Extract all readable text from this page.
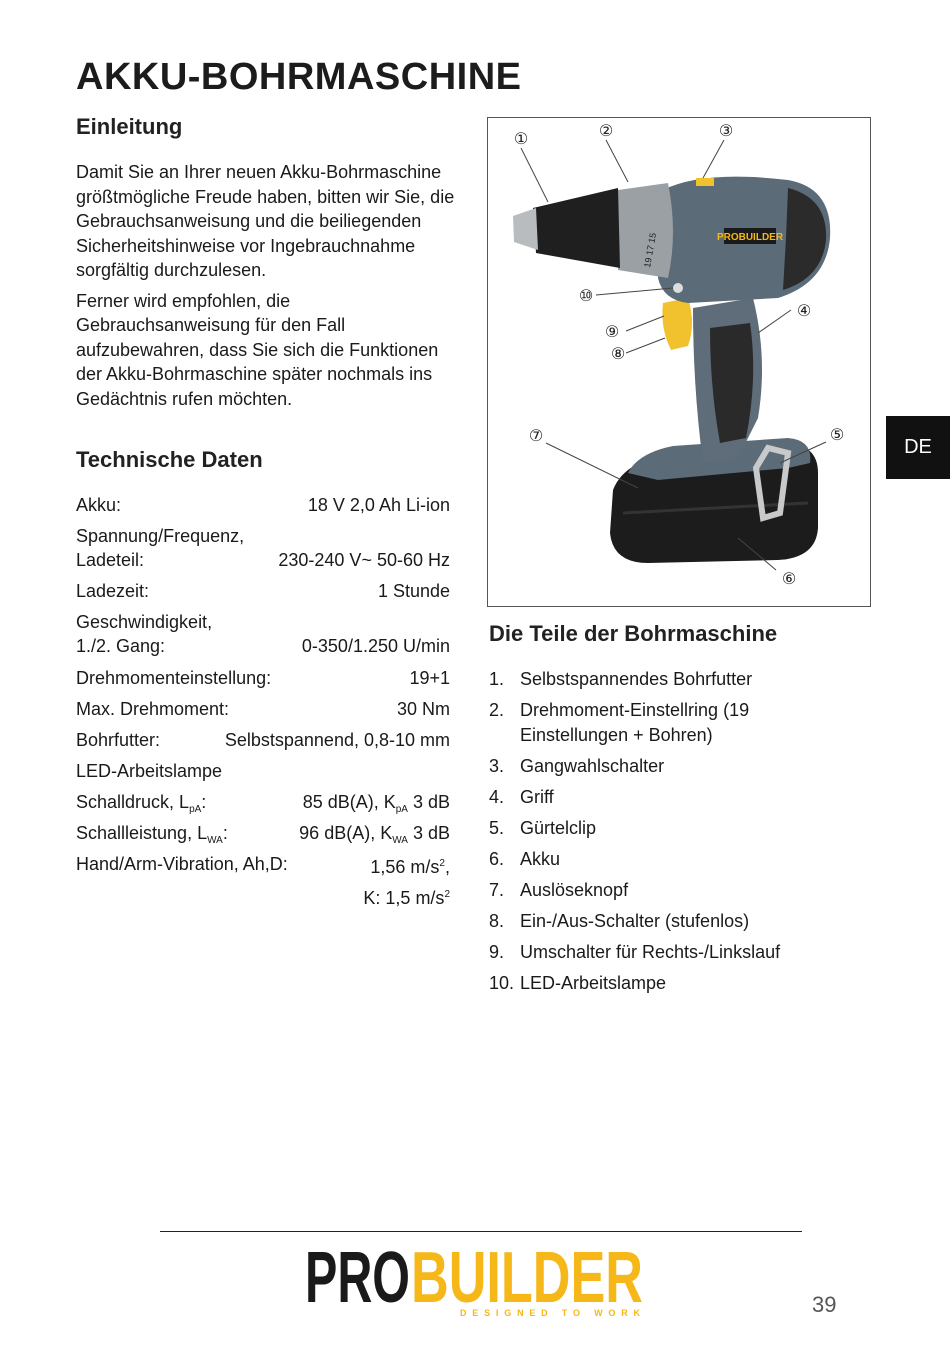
AKKU-BOHRMASCHINE
Einleitung

Damit Sie an Ihrer neuen Akku-Bohrmaschine größtmögliche Freude haben, bitten wir Sie, die Gebrauchsanweisung und die beiliegenden Sicherheitshinweise vor Ingebrauchnahme sorgfältig durchzulesen.

Ferner wird empfohlen, die Gebrauchsanweisung für den Fall aufzubewahren, dass Sie sich die Funktionen der Akku-Bohrmaschine später nochmals ins Gedächtnis rufen möchten.

Technische Daten
Akku:	18 V 2,0 Ah Li-ion
Spannung/Frequenz,
Ladeteil:	230-240 V~ 50-60 Hz
Ladezeit:	1 Stunde
Geschwindigkeit,
1./2. Gang:	0-350/1.250 U/min
Drehmomenteinstellung:	19+1
Max. Drehmoment:	30 Nm
Bohrfutter:	Selbstspannend, 0,8-10 mm
LED-Arbeitslampe
Schalldruck, $L_{pA}$:	85 dB(A), $K_{pA}$ 3 dB
Schallleistung, $L_{WA}$:	96 dB(A), $K_{WA}$ 3 dB
Hand/Arm-Vibration, Ah,D:	1,56 $m/s^2$,
K: 1,5 $m/s^2$
PROBUILDER
19 17 15
①	②	③
④
⑤
⑥
⑦
⑧
⑨
⑩
Die Teile der Bohrmaschine
1. Selbstspannendes Bohrfutter
2. Drehmoment-Einstellring (19 Einstellungen + Bohren)
3. Gangwahlschalter
4. Griff
5. Gürtelclip
6. Akku
7. Auslöseknopf
8. Ein-/Aus-Schalter (stufenlos)
9. Umschalter für Rechts-/Linkslauf
10. LED-Arbeitslampe
DE
PRO BUILDER
DESIGNED TO WORK	39
